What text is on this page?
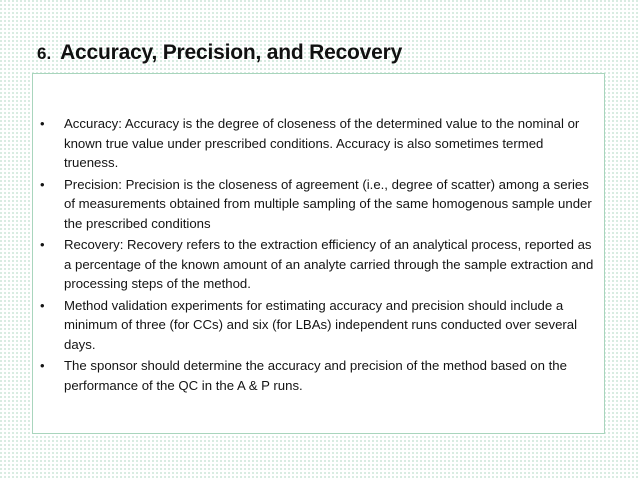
6. Accuracy, Precision, and Recovery
• Accuracy: Accuracy is the degree of closeness of the determined value to the nominal or known true value under prescribed conditions. Accuracy is also sometimes termed trueness.
• Precision: Precision is the closeness of agreement (i.e., degree of scatter) among a series of measurements obtained from multiple sampling of the same homogenous sample under the prescribed conditions
• Recovery: Recovery refers to the extraction efficiency of an analytical process, reported as a percentage of the known amount of an analyte carried through the sample extraction and processing steps of the method.
• Method validation experiments for estimating accuracy and precision should include a minimum of three (for CCs) and six (for LBAs) independent runs conducted over several days.
• The sponsor should determine the accuracy and precision of the method based on the performance of the QC in the A & P runs.
